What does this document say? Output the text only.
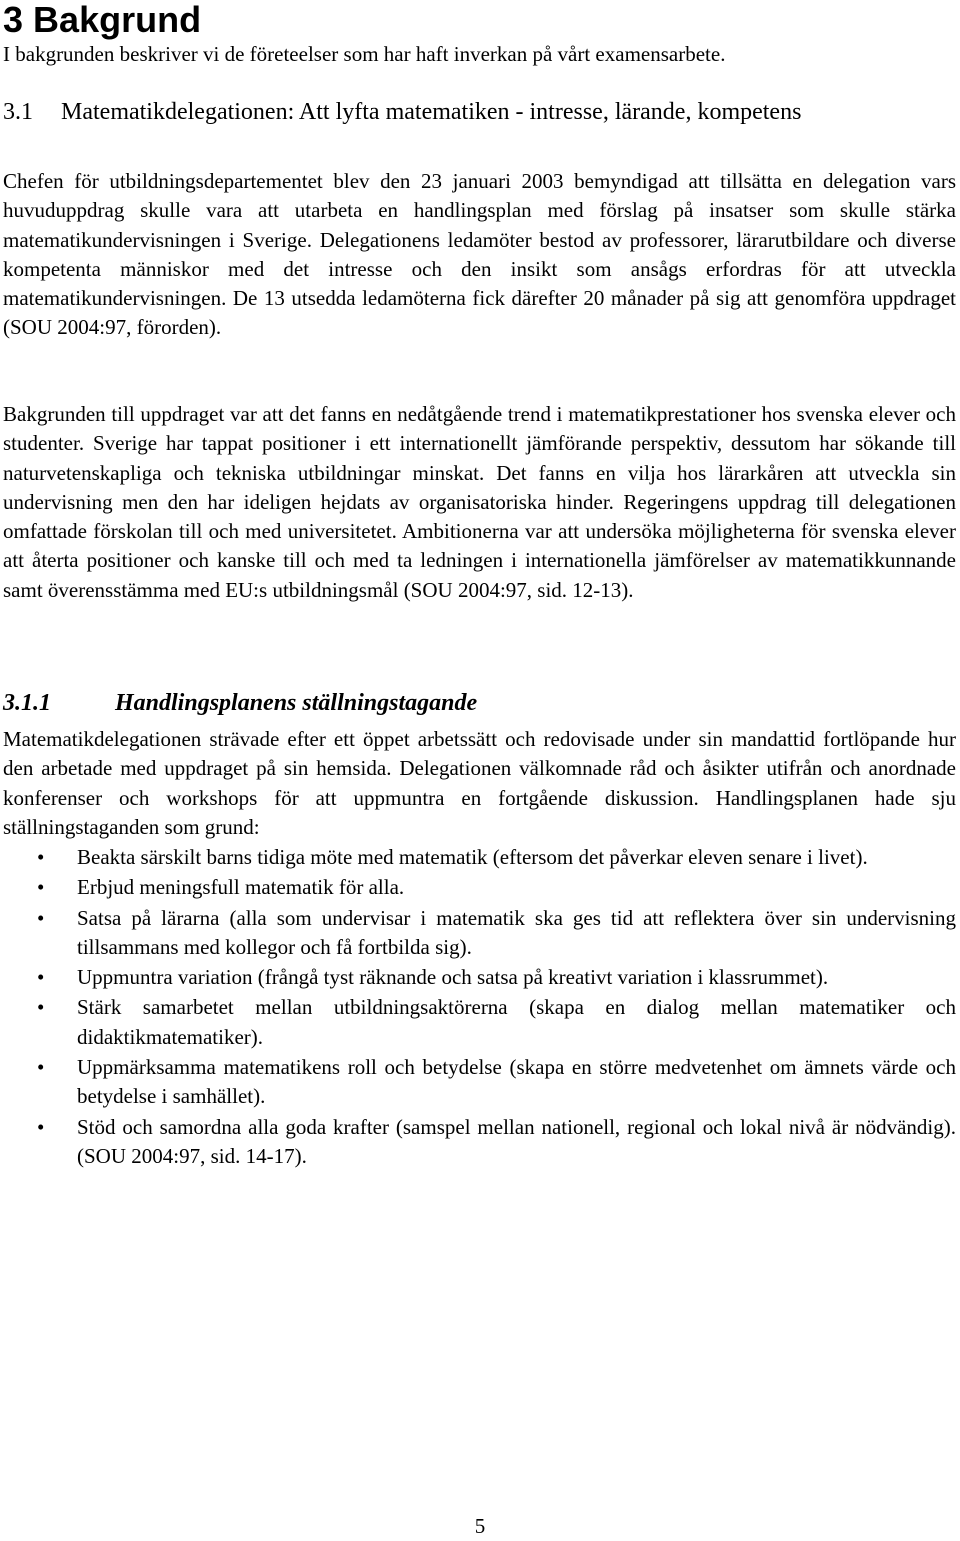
3 Bakgrund
I bakgrunden beskriver vi de företeelser som har haft inverkan på vårt examensarbete.
3.1	Matematikdelegationen: Att lyfta matematiken - intresse, lärande, kompetens
Chefen för utbildningsdepartementet blev den 23 januari 2003 bemyndigad att tillsätta en delegation vars huvuduppdrag skulle vara att utarbeta en handlingsplan med förslag på insatser som skulle stärka matematikundervisningen i Sverige. Delegationens ledamöter bestod av professorer, lärarutbildare och diverse kompetenta människor med det intresse och den insikt som ansågs erfordras för att utveckla matematikundervisningen. De 13 utsedda ledamöterna fick därefter 20 månader på sig att genomföra uppdraget (SOU 2004:97, förorden).
Bakgrunden till uppdraget var att det fanns en nedåtgående trend i matematikprestationer hos svenska elever och studenter. Sverige har tappat positioner i ett internationellt jämförande perspektiv, dessutom har sökande till naturvetenskapliga och tekniska utbildningar minskat. Det fanns en vilja hos lärarkåren att utveckla sin undervisning men den har ideligen hejdats av organisatoriska hinder. Regeringens uppdrag till delegationen omfattade förskolan till och med universitetet. Ambitionerna var att undersöka möjligheterna för svenska elever att återta positioner och kanske till och med ta ledningen i internationella jämförelser av matematikkunnande samt överensstämma med EU:s utbildningsmål (SOU 2004:97, sid. 12-13).
3.1.1	Handlingsplanens ställningstagande
Matematikdelegationen strävade efter ett öppet arbetssätt och redovisade under sin mandattid fortlöpande hur den arbetade med uppdraget på sin hemsida. Delegationen välkomnade råd och åsikter utifrån och anordnade konferenser och workshops för att uppmuntra en fortgående diskussion. Handlingsplanen hade sju ställningstaganden som grund:
• Beakta särskilt barns tidiga möte med matematik (eftersom det påverkar eleven senare i livet).
• Erbjud meningsfull matematik för alla.
• Satsa på lärarna (alla som undervisar i matematik ska ges tid att reflektera över sin undervisning tillsammans med kollegor och få fortbilda sig).
• Uppmuntra variation (frångå tyst räknande och satsa på kreativt variation i klassrummet).
• Stärk samarbetet mellan utbildningsaktörerna (skapa en dialog mellan matematiker och didaktikmatematiker).
• Uppmärksamma matematikens roll och betydelse (skapa en större medvetenhet om ämnets värde och betydelse i samhället).
• Stöd och samordna alla goda krafter (samspel mellan nationell, regional och lokal nivå är nödvändig). (SOU 2004:97, sid. 14-17).
5
